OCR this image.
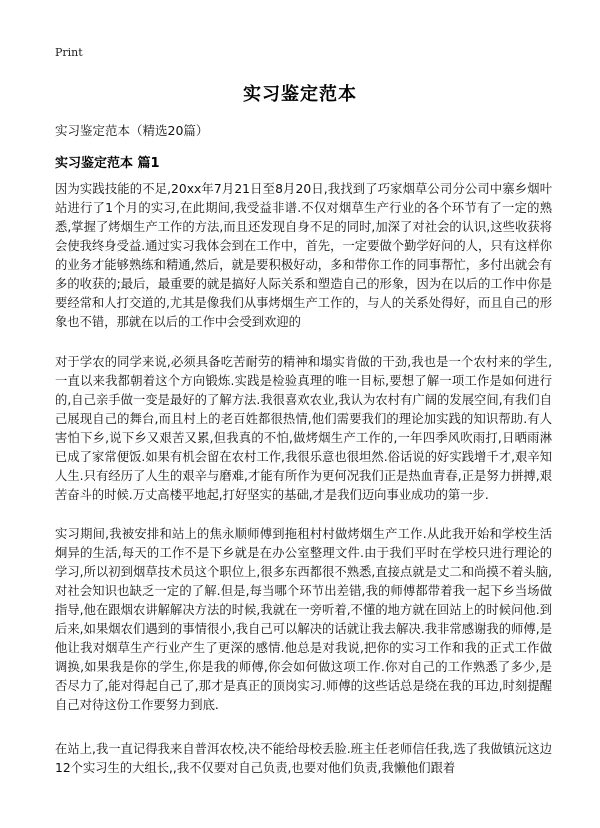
Print
实习鉴定范本
实习鉴定范本（精选20篇）
实习鉴定范本 篇1

因为实践技能的不足,20xx年7月21日至8月20日,我找到了巧家烟草公司分公司中寨乡烟叶站进行了1个月的实习,在此期间,我受益非谱.不仅对烟草生产行业的各个环节有了一定的熟悉,掌握了烤烟生产工作的方法,而且还发现自身不足的同时,加深了对社会的认识,这些收获将会使我终身受益.通过实习我体会到在工作中，首先，一定要做个勤学好问的人，只有这样你的业务才能够熟练和精通,然后，就是要积极好动，多和带你工作的同事帮忙，多付出就会有多的收获的;最后，最重要的就是搞好人际关系和塑造自己的形象，因为在以后的工作中你是要经常和人打交道的,尤其是像我们从事烤烟生产工作的，与人的关系处得好，而且自己的形象也不错，那就在以后的工作中会受到欢迎的

对于学农的同学来说,必须具备吃苦耐劳的精神和塌实肯做的干劲,我也是一个农村来的学生,一直以来我都朝着这个方向锻炼.实践是检验真理的唯一目标,要想了解一项工作是如何进行的,自己亲手做一变是最好的了解方法.我很喜欢农业,我认为农村有广阔的发展空间,有我们自己展现自己的舞台,而且村上的老百姓都很热情,他们需要我们的理论加实践的知识帮助.有人害怕下乡,说下乡又艰苦又累,但我真的不怕,做烤烟生产工作的,一年四季风吹雨打,日晒雨淋已成了家常便饭.如果有机会留在农村工作,我很乐意也很坦然.俗话说的好实践增千才,艰辛知人生.只有经历了人生的艰辛与磨难,才能有所作为更何况我们正是热血青春,正是努力拼搏,艰苦奋斗的时候.万丈高楼平地起,打好坚实的基础,才是我们迈向事业成功的第一步.

实习期间,我被安排和站上的焦永顺师傅到拖租村村做烤烟生产工作.从此我开始和学校生活炯异的生活,每天的工作不是下乡就是在办公室整理文件.由于我们平时在学校只进行理论的学习,所以初到烟草技术员这个职位上,很多东西都很不熟悉,直接点就是丈二和尚摸不着头脑,对社会知识也缺乏一定的了解.但是,每当哪个环节出差错,我的师傅都带着我一起下乡当场做指导,他在跟烟农讲解解决方法的时候,我就在一旁听着,不懂的地方就在回站上的时候问他.到后来,如果烟农们遇到的事情很小,我自己可以解决的话就让我去解决.我非常感谢我的师傅,是他让我对烟草生产行业产生了更深的感情.他总是对我说,把你的实习工作和我的正式工作做调换,如果我是你的学生,你是我的师傅,你会如何做这项工作.你对自己的工作熟悉了多少,是否尽力了,能对得起自己了,那才是真正的顶岗实习.师傅的这些话总是绕在我的耳边,时刻提醒自己对待这份工作要努力到底.

在站上,我一直记得我来自普洱农校,决不能给母校丢脸.班主任老师信任我,选了我做镇沅这边12个实习生的大组长,,我不仅要对自己负责,也要对他们负责,我懒他们跟着
